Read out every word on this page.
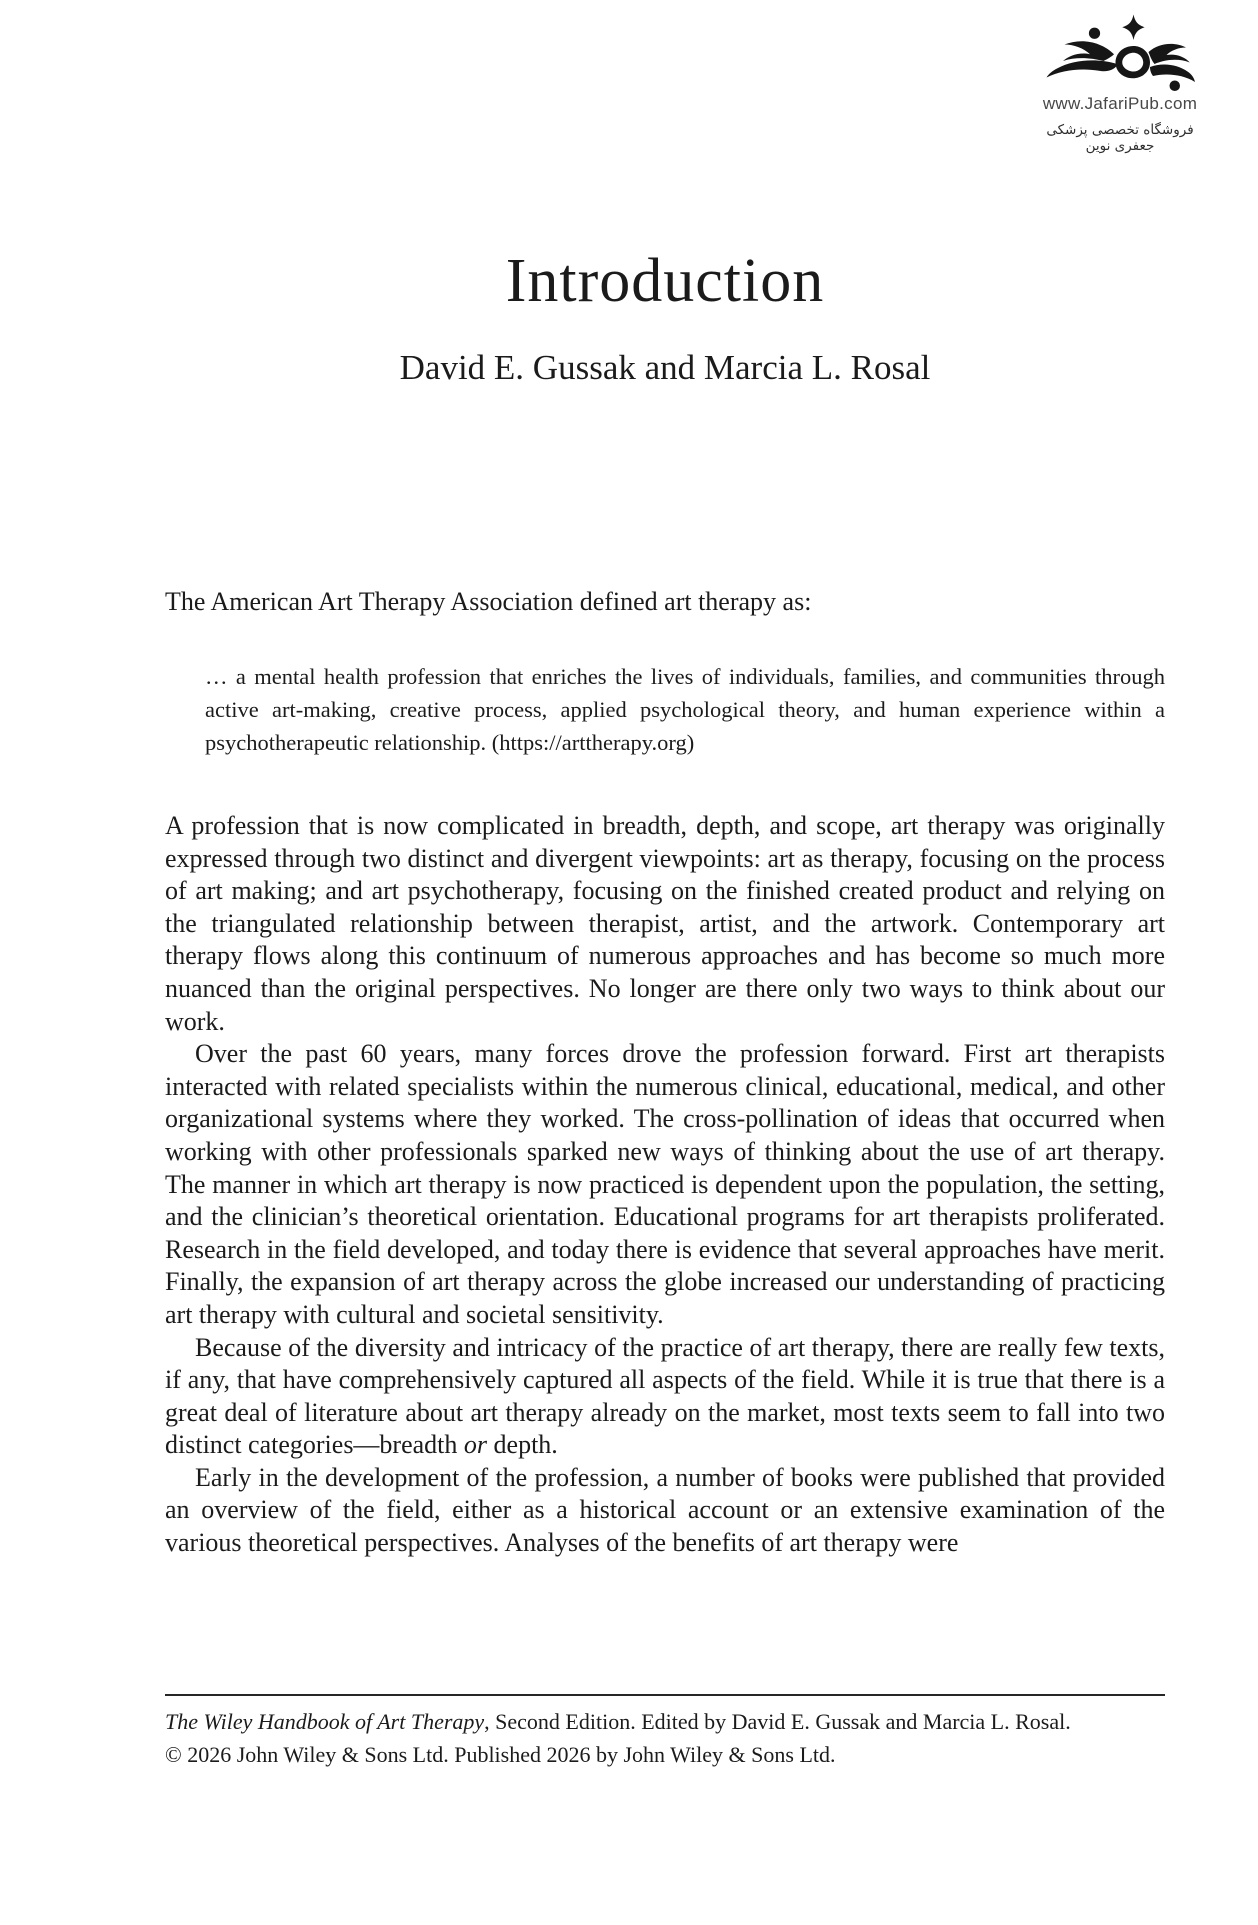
www.JafariPub.com
فروشگاه تخصصی پزشکی جعفری نوین
Introduction
David E. Gussak and Marcia L. Rosal

The American Art Therapy Association defined art therapy as:

… a mental health profession that enriches the lives of individuals, families, and communities through active art-making, creative process, applied psychological theory, and human experience within a psychotherapeutic relationship. (https://arttherapy.org)

A profession that is now complicated in breadth, depth, and scope, art therapy was originally expressed through two distinct and divergent viewpoints: art as therapy, focusing on the process of art making; and art psychotherapy, focusing on the finished created product and relying on the triangulated relationship between therapist, artist, and the artwork. Contemporary art therapy flows along this continuum of numerous approaches and has become so much more nuanced than the original perspectives. No longer are there only two ways to think about our work.

Over the past 60 years, many forces drove the profession forward. First art therapists interacted with related specialists within the numerous clinical, educational, medical, and other organizational systems where they worked. The cross-pollination of ideas that occurred when working with other professionals sparked new ways of thinking about the use of art therapy. The manner in which art therapy is now practiced is dependent upon the population, the setting, and the clinician’s theoretical orientation. Educational programs for art therapists proliferated. Research in the field developed, and today there is evidence that several approaches have merit. Finally, the expansion of art therapy across the globe increased our understanding of practicing art therapy with cultural and societal sensitivity.

Because of the diversity and intricacy of the practice of art therapy, there are really few texts, if any, that have comprehensively captured all aspects of the field. While it is true that there is a great deal of literature about art therapy already on the market, most texts seem to fall into two distinct categories—breadth or depth.

Early in the development of the profession, a number of books were published that provided an overview of the field, either as a historical account or an extensive examination of the various theoretical perspectives. Analyses of the benefits of art therapy were

The Wiley Handbook of Art Therapy, Second Edition. Edited by David E. Gussak and Marcia L. Rosal.

© 2026 John Wiley & Sons Ltd. Published 2026 by John Wiley & Sons Ltd.
